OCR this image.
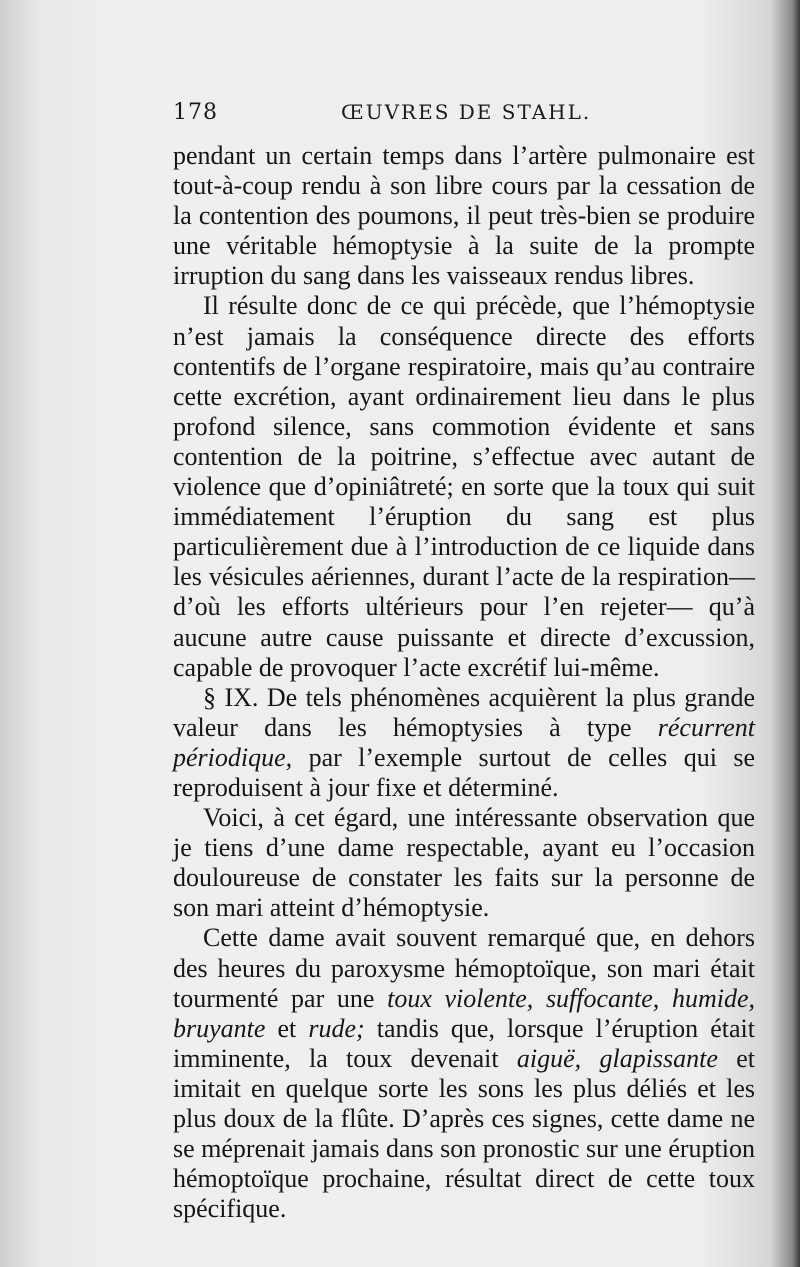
178	ŒUVRES DE STAHL.

pendant un certain temps dans l’artère pulmonaire est tout-à-coup rendu à son libre cours par la cessation de la contention des poumons, il peut très-bien se produire une véritable hémoptysie à la suite de la prompte irruption du sang dans les vaisseaux rendus libres.

Il résulte donc de ce qui précède, que l’hémoptysie n’est jamais la conséquence directe des efforts contentifs de l’organe respiratoire, mais qu’au contraire cette excrétion, ayant ordinairement lieu dans le plus profond silence, sans commotion évidente et sans contention de la poitrine, s’effectue avec autant de violence que d’opiniâtreté; en sorte que la toux qui suit immédiatement l’éruption du sang est plus particulièrement due à l’introduction de ce liquide dans les vésicules aériennes, durant l’acte de la respiration—d’où les efforts ultérieurs pour l’en rejeter— qu’à aucune autre cause puissante et directe d’excussion, capable de provoquer l’acte excrétif lui-même.

§ IX. De tels phénomènes acquièrent la plus grande valeur dans les hémoptysies à type récurrent périodique, par l’exemple surtout de celles qui se reproduisent à jour fixe et déterminé.

Voici, à cet égard, une intéressante observation que je tiens d’une dame respectable, ayant eu l’occasion douloureuse de constater les faits sur la personne de son mari atteint d’hémoptysie.

Cette dame avait souvent remarqué que, en dehors des heures du paroxysme hémoptoïque, son mari était tourmenté par une toux violente, suffocante, humide, bruyante et rude; tandis que, lorsque l’éruption était imminente, la toux devenait aiguë, glapissante et imitait en quelque sorte les sons les plus déliés et les plus doux de la flûte. D’après ces signes, cette dame ne se méprenait jamais dans son pronostic sur une éruption hémoptoïque prochaine, résultat direct de cette toux spécifique.
